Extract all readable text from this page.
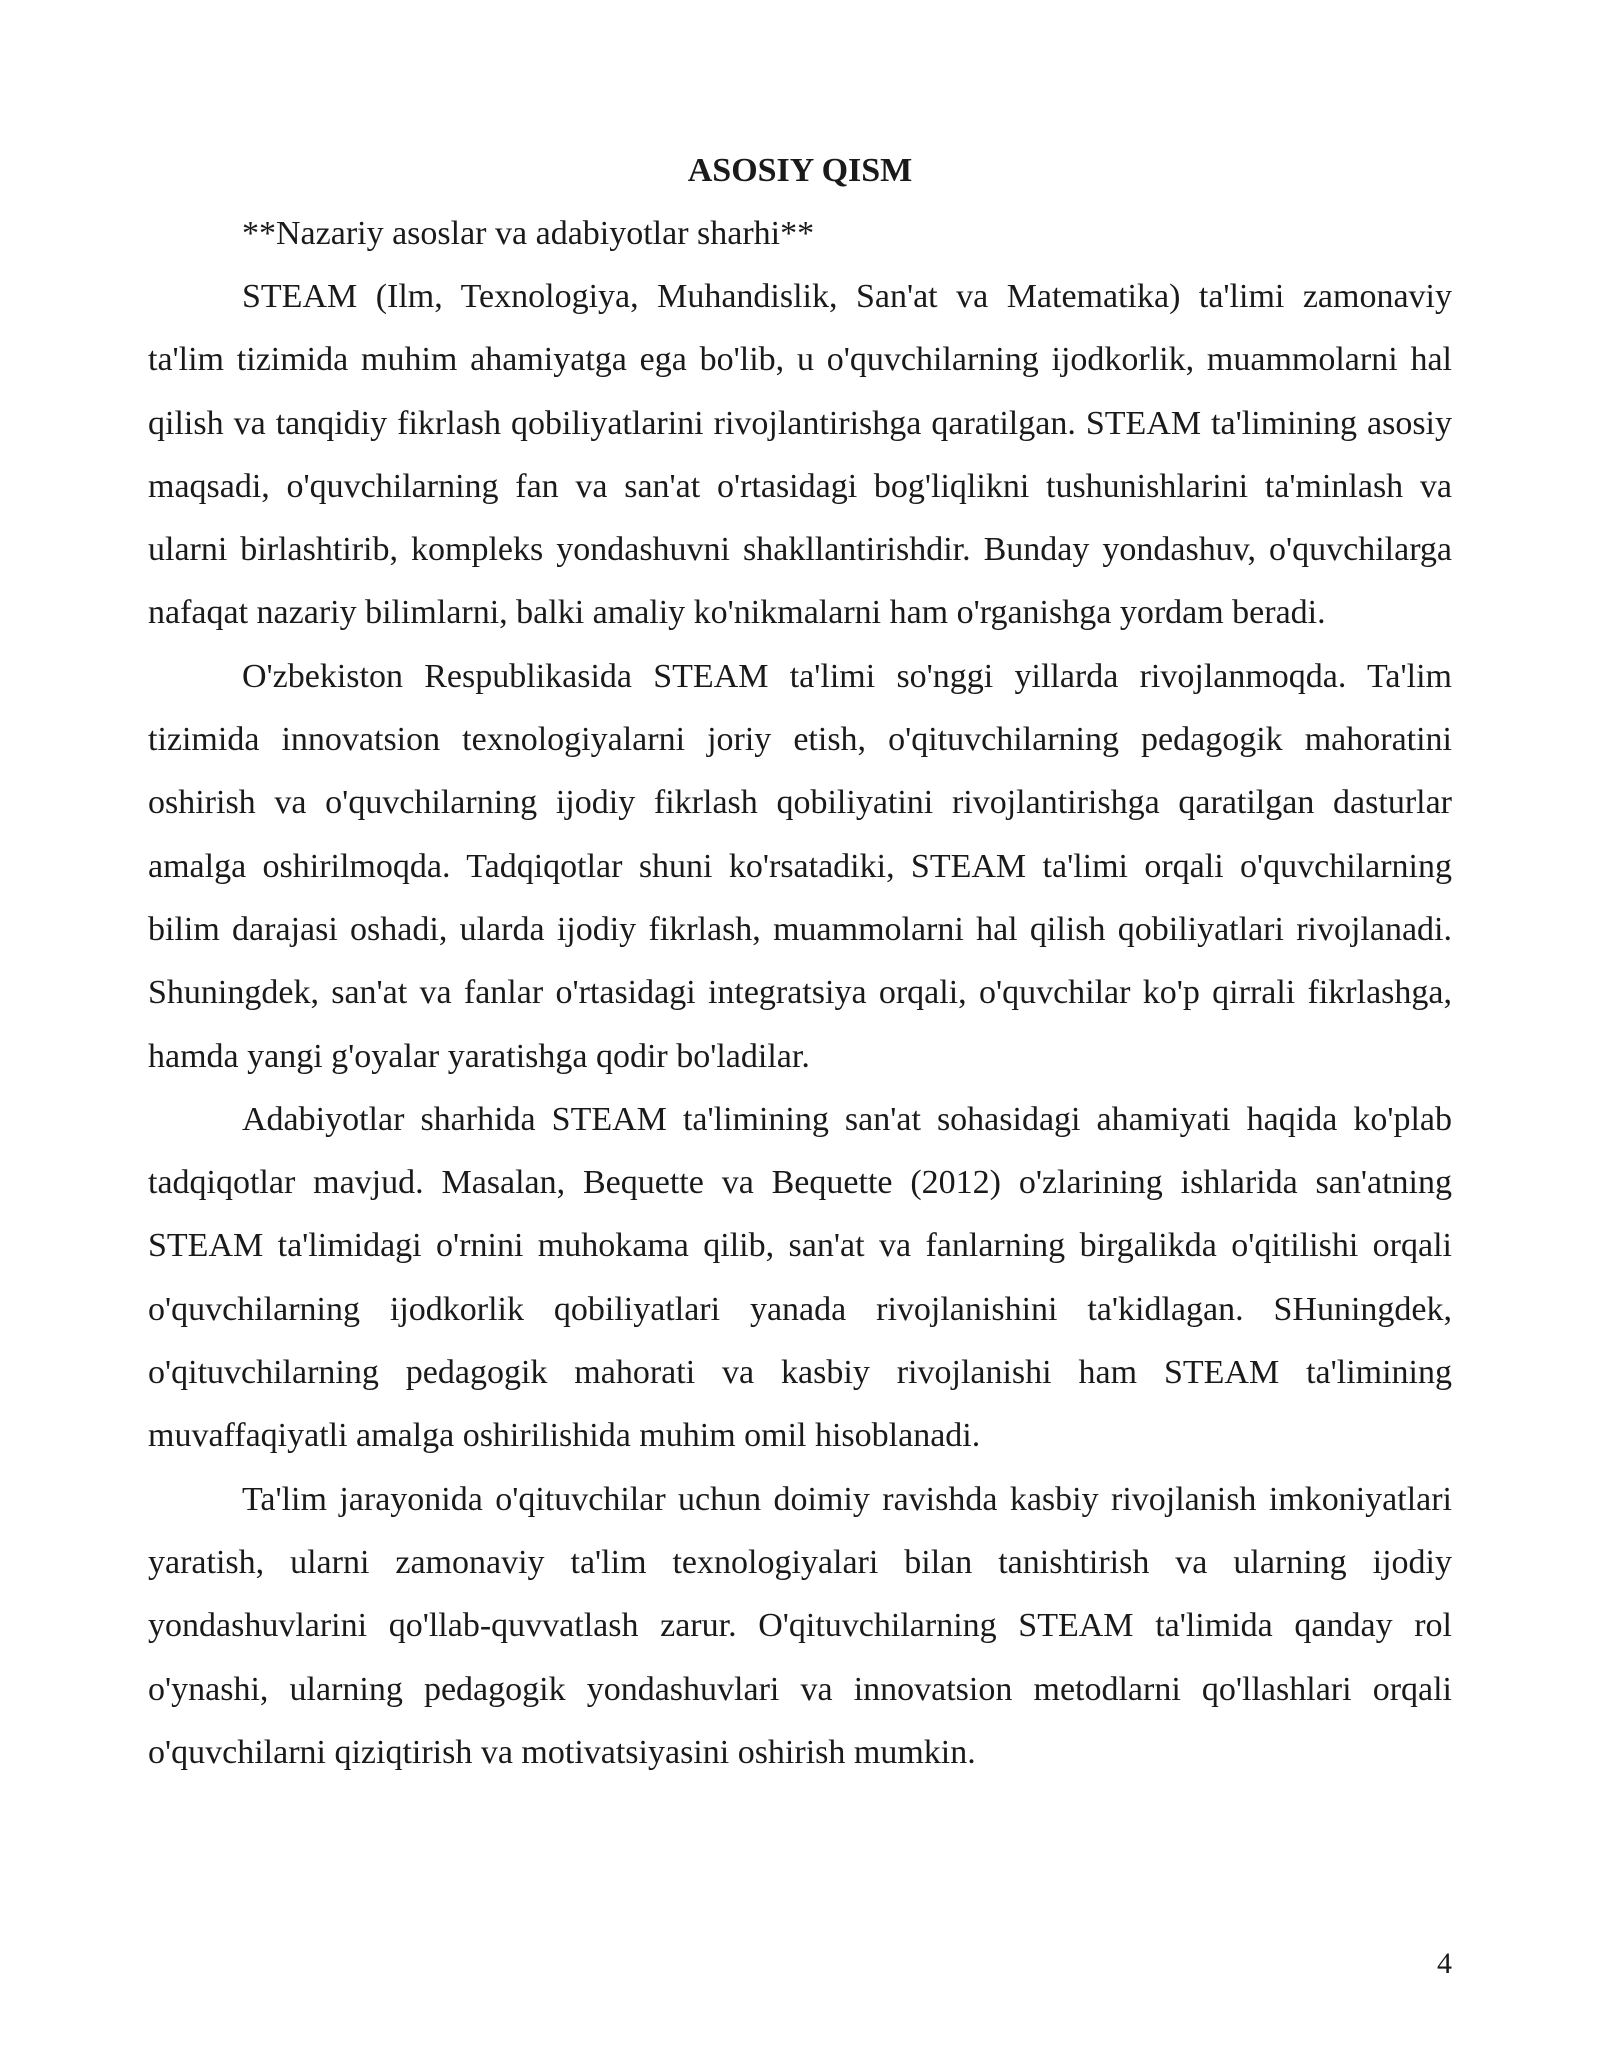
ASOSIY QISM

**Nazariy asoslar va adabiyotlar sharhi**

STEAM (Ilm, Texnologiya, Muhandislik, San'at va Matematika) ta'limi zamonaviy ta'lim tizimida muhim ahamiyatga ega bo'lib, u o'quvchilarning ijodkorlik, muammolarni hal qilish va tanqidiy fikrlash qobiliyatlarini rivojlantirishga qaratilgan. STEAM ta'limining asosiy maqsadi, o'quvchilarning fan va san'at o'rtasidagi bog'liqlikni tushunishlarini ta'minlash va ularni birlashtirib, kompleks yondashuvni shakllantirishdir. Bunday yondashuv, o'quvchilarga nafaqat nazariy bilimlarni, balki amaliy ko'nikmalarni ham o'rganishga yordam beradi.

O'zbekiston Respublikasida STEAM ta'limi so'nggi yillarda rivojlanmoqda. Ta'lim tizimida innovatsion texnologiyalarni joriy etish, o'qituvchilarning pedagogik mahoratini oshirish va o'quvchilarning ijodiy fikrlash qobiliyatini rivojlantirishga qaratilgan dasturlar amalga oshirilmoqda. Tadqiqotlar shuni ko'rsatadiki, STEAM ta'limi orqali o'quvchilarning bilim darajasi oshadi, ularda ijodiy fikrlash, muammolarni hal qilish qobiliyatlari rivojlanadi. Shuningdek, san'at va fanlar o'rtasidagi integratsiya orqali, o'quvchilar ko'p qirrali fikrlashga, hamda yangi g'oyalar yaratishga qodir bo'ladilar.

Adabiyotlar sharhida STEAM ta'limining san'at sohasidagi ahamiyati haqida ko'plab tadqiqotlar mavjud. Masalan, Bequette va Bequette (2012) o'zlarining ishlarida san'atning STEAM ta'limidagi o'rnini muhokama qilib, san'at va fanlarning birgalikda o'qitilishi orqali o'quvchilarning ijodkorlik qobiliyatlari yanada rivojlanishini ta'kidlagan. SHuningdek, o'qituvchilarning pedagogik mahorati va kasbiy rivojlanishi ham STEAM ta'limining muvaffaqiyatli amalga oshirilishida muhim omil hisoblanadi.

Ta'lim jarayonida o'qituvchilar uchun doimiy ravishda kasbiy rivojlanish imkoniyatlari yaratish, ularni zamonaviy ta'lim texnologiyalari bilan tanishtirish va ularning ijodiy yondashuvlarini qo'llab-quvvatlash zarur. O'qituvchilarning STEAM ta'limida qanday rol o'ynashi, ularning pedagogik yondashuvlari va innovatsion metodlarni qo'llashlari orqali o'quvchilarni qiziqtirish va motivatsiyasini oshirish mumkin.

4
